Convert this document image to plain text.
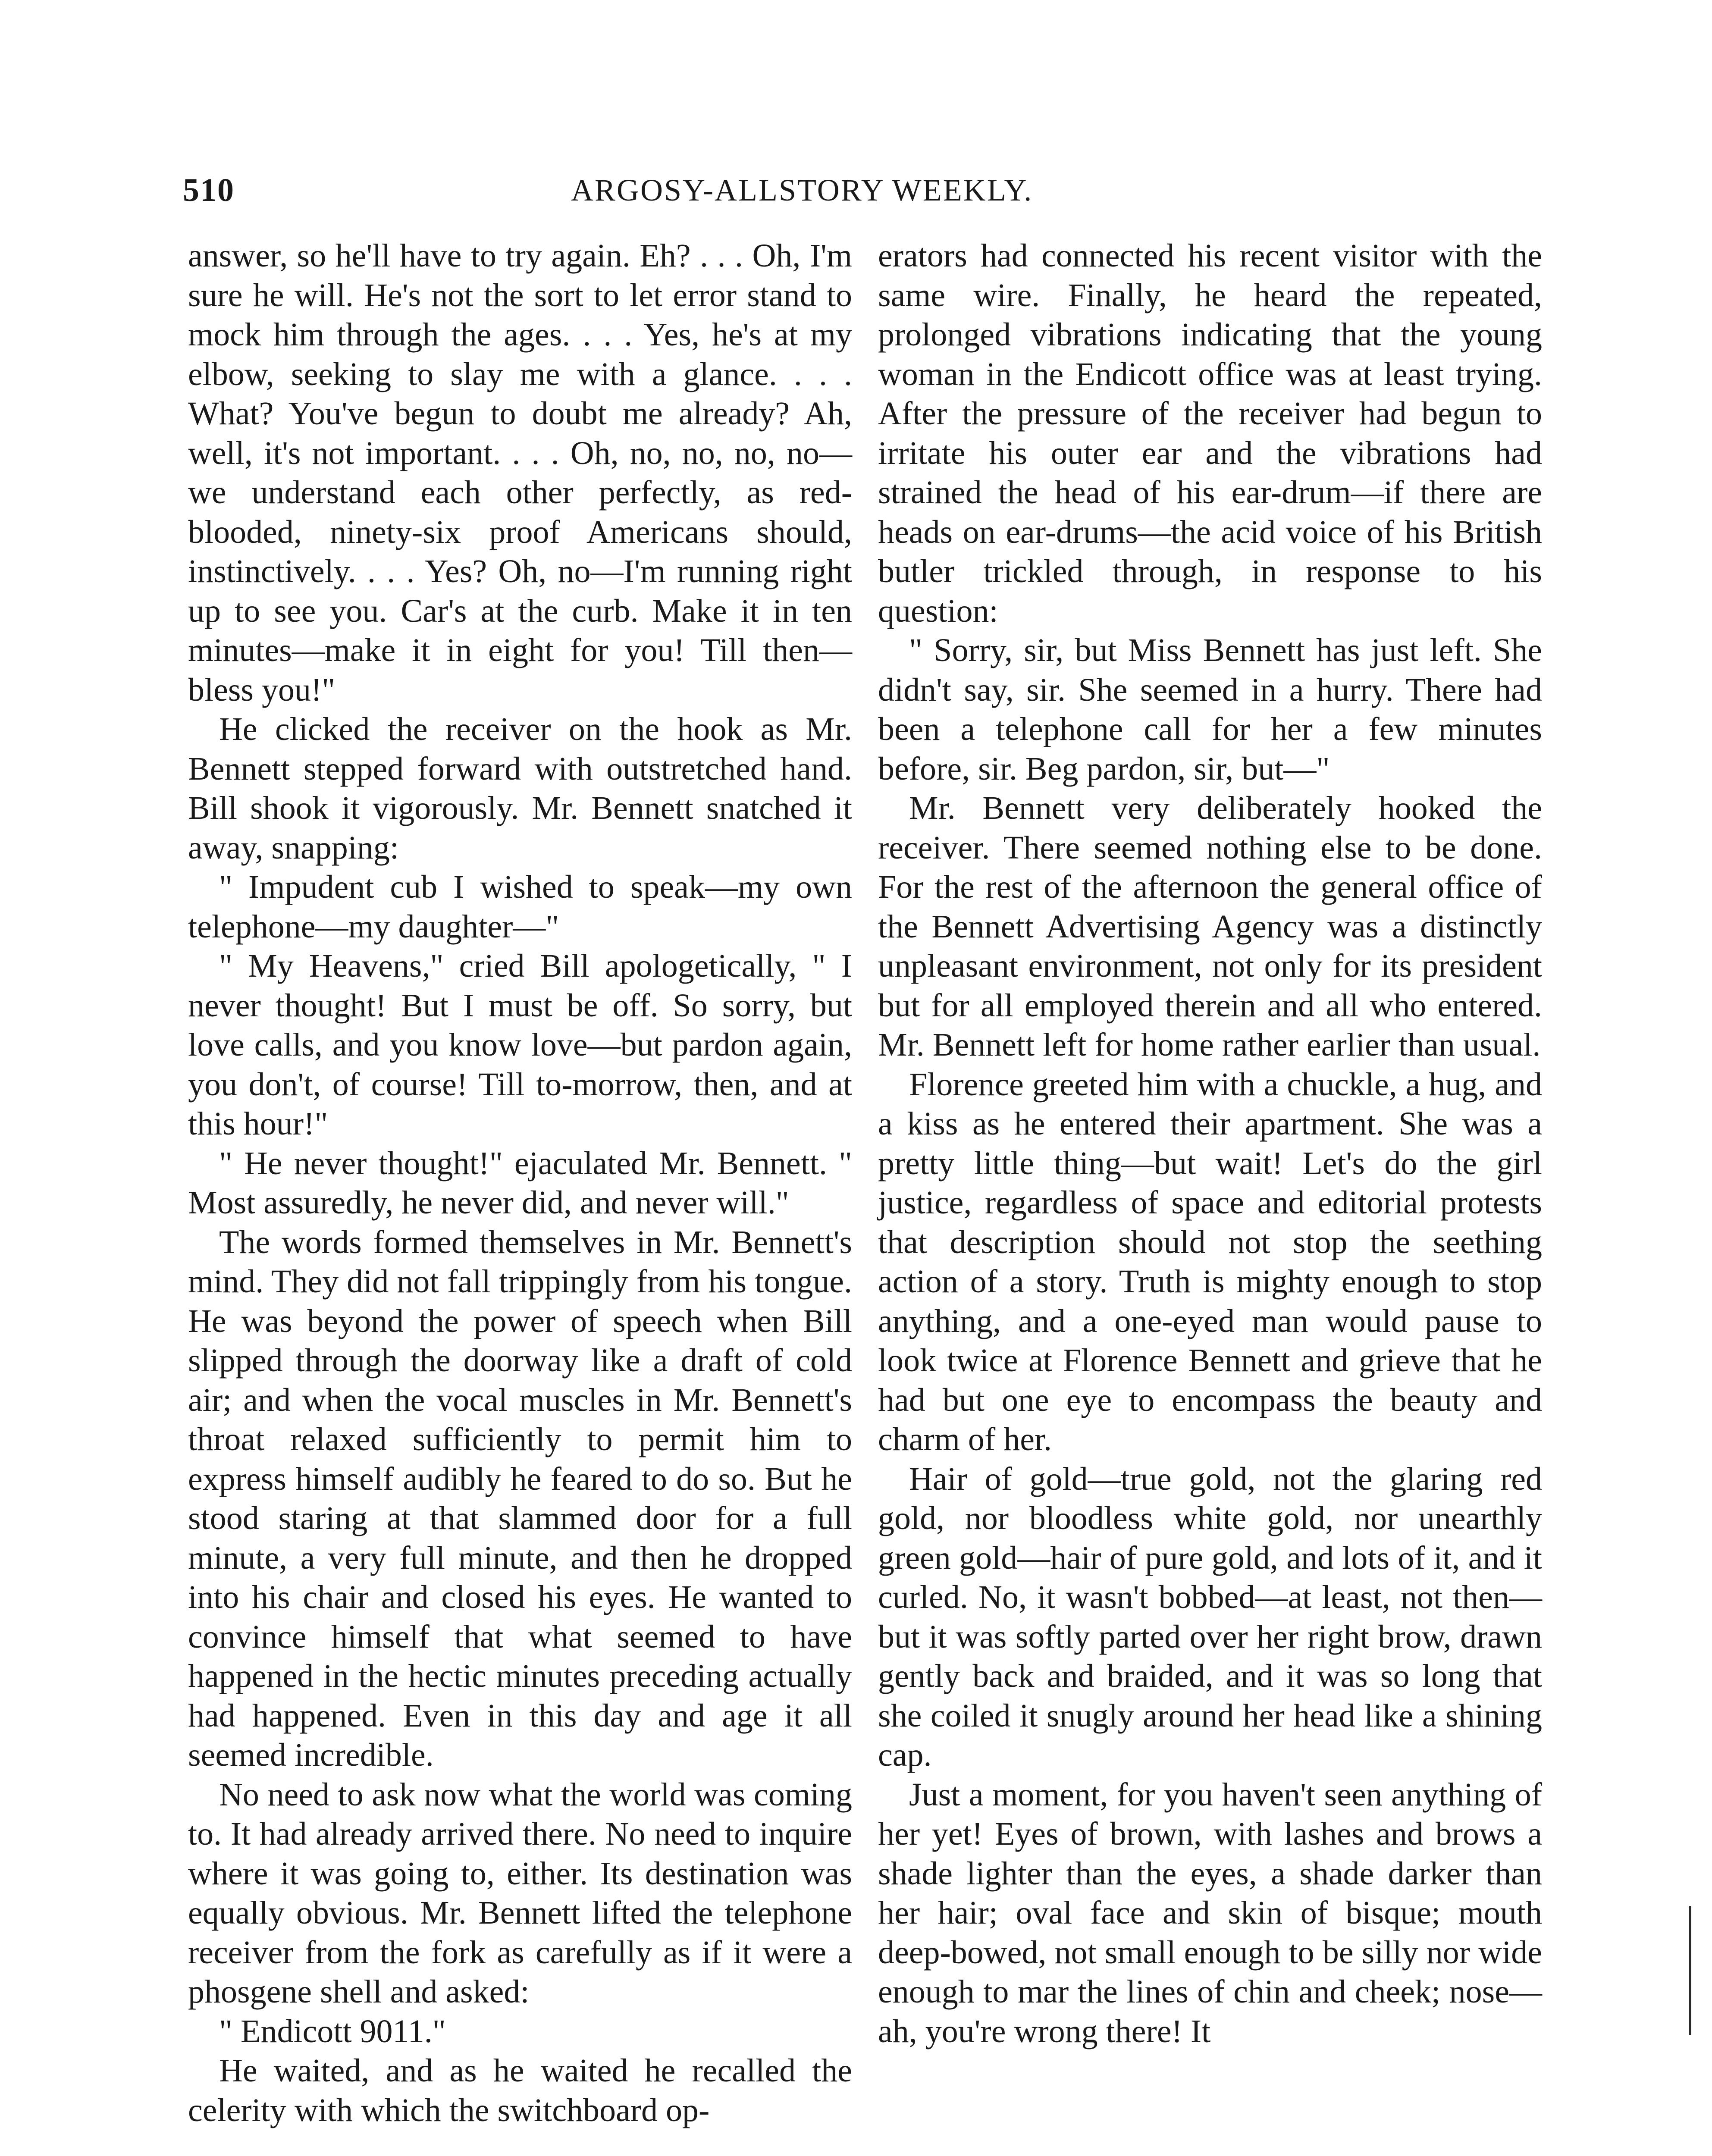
510	ARGOSY-ALLSTORY WEEKLY.

answer, so he'll have to try again. Eh? . . . Oh, I'm sure he will. He's not the sort to let error stand to mock him through the ages. . . . Yes, he's at my elbow, seeking to slay me with a glance. . . . What? You've begun to doubt me already? Ah, well, it's not important. . . . Oh, no, no, no, no—we understand each other perfectly, as red-blooded, ninety-six proof Americans should, instinctively. . . . Yes? Oh, no—I'm running right up to see you. Car's at the curb. Make it in ten minutes—make it in eight for you! Till then—bless you!"

He clicked the receiver on the hook as Mr. Bennett stepped forward with outstretched hand. Bill shook it vigorously. Mr. Bennett snatched it away, snapping:

" Impudent cub I wished to speak—my own telephone—my daughter—"

" My Heavens," cried Bill apologetically, " I never thought! But I must be off. So sorry, but love calls, and you know love—but pardon again, you don't, of course! Till to-morrow, then, and at this hour!"

" He never thought!" ejaculated Mr. Bennett. " Most assuredly, he never did, and never will."

The words formed themselves in Mr. Bennett's mind. They did not fall trippingly from his tongue. He was beyond the power of speech when Bill slipped through the doorway like a draft of cold air; and when the vocal muscles in Mr. Bennett's throat relaxed sufficiently to permit him to express himself audibly he feared to do so. But he stood staring at that slammed door for a full minute, a very full minute, and then he dropped into his chair and closed his eyes. He wanted to convince himself that what seemed to have happened in the hectic minutes preceding actually had happened. Even in this day and age it all seemed incredible.

No need to ask now what the world was coming to. It had already arrived there. No need to inquire where it was going to, either. Its destination was equally obvious. Mr. Bennett lifted the telephone receiver from the fork as carefully as if it were a phosgene shell and asked:

" Endicott 9011."

He waited, and as he waited he recalled the celerity with which the switchboard op-

erators had connected his recent visitor with the same wire. Finally, he heard the repeated, prolonged vibrations indicating that the young woman in the Endicott office was at least trying. After the pressure of the receiver had begun to irritate his outer ear and the vibrations had strained the head of his ear-drum—if there are heads on ear-drums—the acid voice of his British butler trickled through, in response to his question:

" Sorry, sir, but Miss Bennett has just left. She didn't say, sir. She seemed in a hurry. There had been a telephone call for her a few minutes before, sir. Beg pardon, sir, but—"

Mr. Bennett very deliberately hooked the receiver. There seemed nothing else to be done. For the rest of the afternoon the general office of the Bennett Advertising Agency was a distinctly unpleasant environment, not only for its president but for all employed therein and all who entered. Mr. Bennett left for home rather earlier than usual.

Florence greeted him with a chuckle, a hug, and a kiss as he entered their apartment. She was a pretty little thing—but wait! Let's do the girl justice, regardless of space and editorial protests that description should not stop the seething action of a story. Truth is mighty enough to stop anything, and a one-eyed man would pause to look twice at Florence Bennett and grieve that he had but one eye to encompass the beauty and charm of her.

Hair of gold—true gold, not the glaring red gold, nor bloodless white gold, nor unearthly green gold—hair of pure gold, and lots of it, and it curled. No, it wasn't bobbed—at least, not then—but it was softly parted over her right brow, drawn gently back and braided, and it was so long that she coiled it snugly around her head like a shining cap.

Just a moment, for you haven't seen anything of her yet! Eyes of brown, with lashes and brows a shade lighter than the eyes, a shade darker than her hair; oval face and skin of bisque; mouth deep-bowed, not small enough to be silly nor wide enough to mar the lines of chin and cheek; nose—ah, you're wrong there! It
